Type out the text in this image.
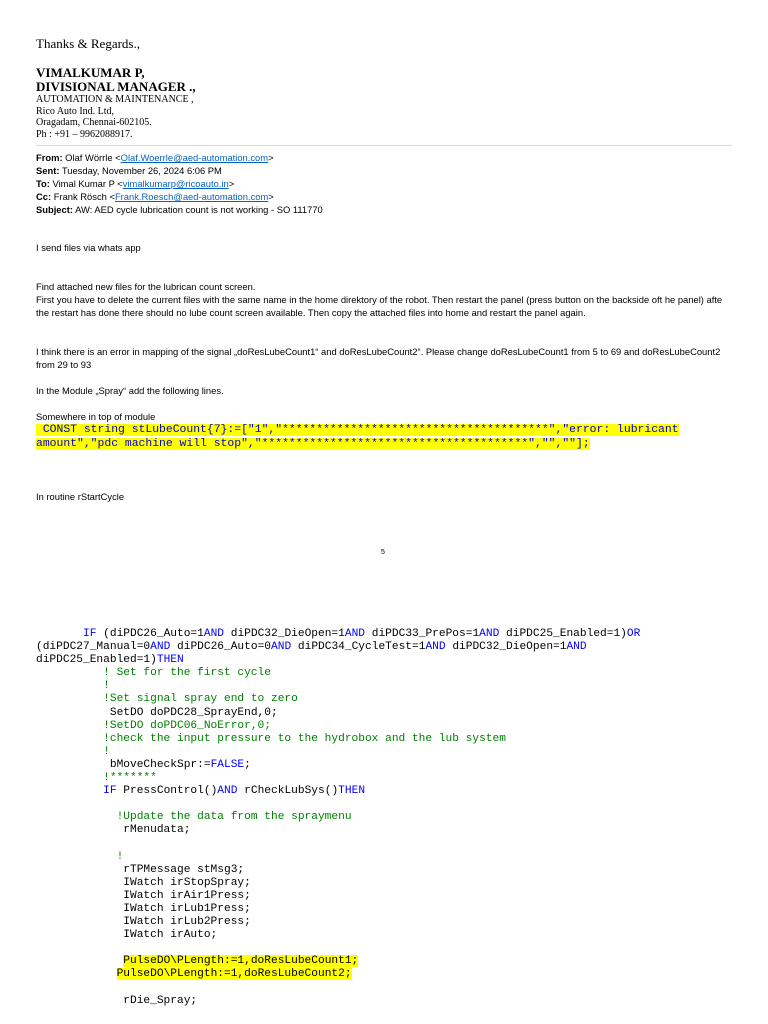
Thanks & Regards.,
VIMALKUMAR P,
DIVISIONAL MANAGER .,
AUTOMATION & MAINTENANCE ,
Rico Auto Ind. Ltd,
Oragadam, Chennai-602105.
Ph : +91 – 9962088917.
From: Olaf Wörrle <Olaf.Woerrle@aed-automation.com>
Sent: Tuesday, November 26, 2024 6:06 PM
To: Vimal Kumar P <vimalkumarp@ricoauto.in>
Cc: Frank Rösch <Frank.Roesch@aed-automation.com>
Subject: AW: AED cycle lubrication count is not working - SO 111770
I send files via whats app
Find attached new files for the lubrican count screen.
First you have to delete the current files with the same name in the home direktory of the robot. Then restart the panel (press button on the backside oft he panel) afte the restart has done there should no lube count screen available. Then copy the attached files into home and restart the panel again.
I think there is an error in mapping of the signal „doResLubeCount1“ and doResLubeCount2“. Please change doResLubeCount1 from 5 to 69 and doResLubeCount2 from 29 to 93
In the Module „Spray“ add the following lines.
Somewhere in top of module
CONST string stLubeCount{7}:=["1","***************************************","error: lubricant
amount","pdc machine will stop","***************************************","",""];
In routine rStartCycle
5
IF (diPDC26_Auto=1AND diPDC32_DieOpen=1AND diPDC33_PrePos=1AND diPDC25_Enabled=1)OR
(diPDC27_Manual=0AND diPDC26_Auto=0AND diPDC34_CycleTest=1AND diPDC32_DieOpen=1AND
diPDC25_Enabled=1)THEN
! Set for the first cycle
!
!Set signal spray end to zero
SetDO doPDC28_SprayEnd,0;
!SetDO doPDC06_NoError,0;
!check the input pressure to the hydrobox and the lub system
!
bMoveCheckSpr:=FALSE;
!*******
IF PressControl()AND rCheckLubSys()THEN

!Update the data from the spraymenu
rMenudata;

!
rTPMessage stMsg3;
IWatch irStopSpray;
IWatch irAir1Press;
IWatch irLub1Press;
IWatch irLub2Press;
IWatch irAuto;

PulseDO\PLength:=1,doResLubeCount1;
PulseDO\PLength:=1,doResLubeCount2;

rDie_Spray;
